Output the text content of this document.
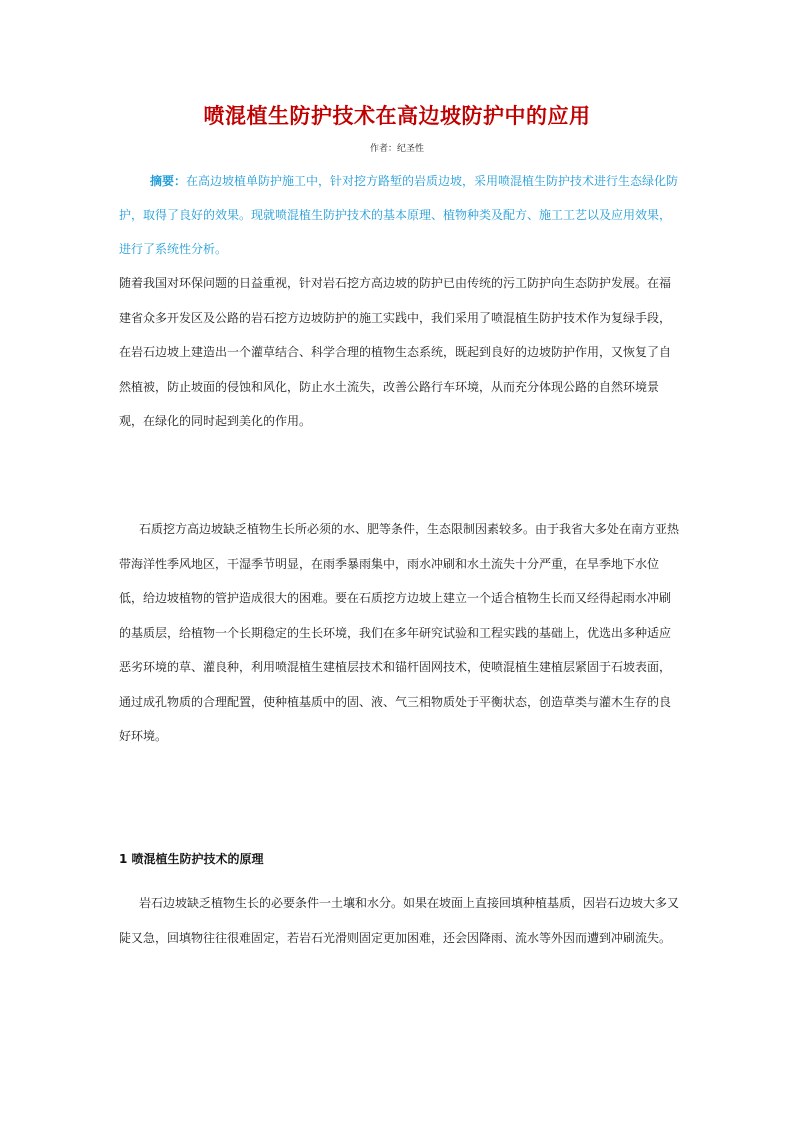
喷混植生防护技术在高边坡防护中的应用
作者：纪圣性
摘要：在高边坡植单防护施工中，针对挖方路堑的岩质边坡，采用喷混植生防护技术进行生态绿化防护，取得了良好的效果。现就喷混植生防护技术的基本原理、植物种类及配方、施工工艺以及应用效果，进行了系统性分析。
随着我国对环保问题的日益重视，针对岩石挖方高边坡的防护已由传统的污工防护向生态防护发展。在福建省众多开发区及公路的岩石挖方边坡防护的施工实践中，我们采用了喷混植生防护技术作为复绿手段，在岩石边坡上建造出一个灌草结合、科学合理的植物生态系统，既起到良好的边坡防护作用，又恢复了自然植被，防止坡面的侵蚀和风化，防止水土流失，改善公路行车环境，从而充分体现公路的自然环境景观，在绿化的同时起到美化的作用。
石质挖方高边坡缺乏植物生长所必须的水、肥等条件，生态限制因素较多。由于我省大多处在南方亚热带海洋性季风地区，干湿季节明显，在雨季暴雨集中，雨水冲刷和水土流失十分严重，在旱季地下水位低，给边坡植物的管护造成很大的困难。要在石质挖方边坡上建立一个适合植物生长而又经得起雨水冲刷的基质层，给植物一个长期稳定的生长环境，我们在多年研究试验和工程实践的基础上，优选出多种适应恶劣环境的草、灌良种，利用喷混植生建植层技术和锚杆固网技术，使喷混植生建植层紧固于石坡表面，通过成孔物质的合理配置，使种植基质中的固、液、气三相物质处于平衡状态，创造草类与灌木生存的良好环境。
1 喷混植生防护技术的原理
岩石边坡缺乏植物生长的必要条件一土壤和水分。如果在坡面上直接回填种植基质，因岩石边坡大多又陡又急，回填物往往很难固定，若岩石光滑则固定更加困难，还会因降雨、流水等外因而遭到冲刷流失。
